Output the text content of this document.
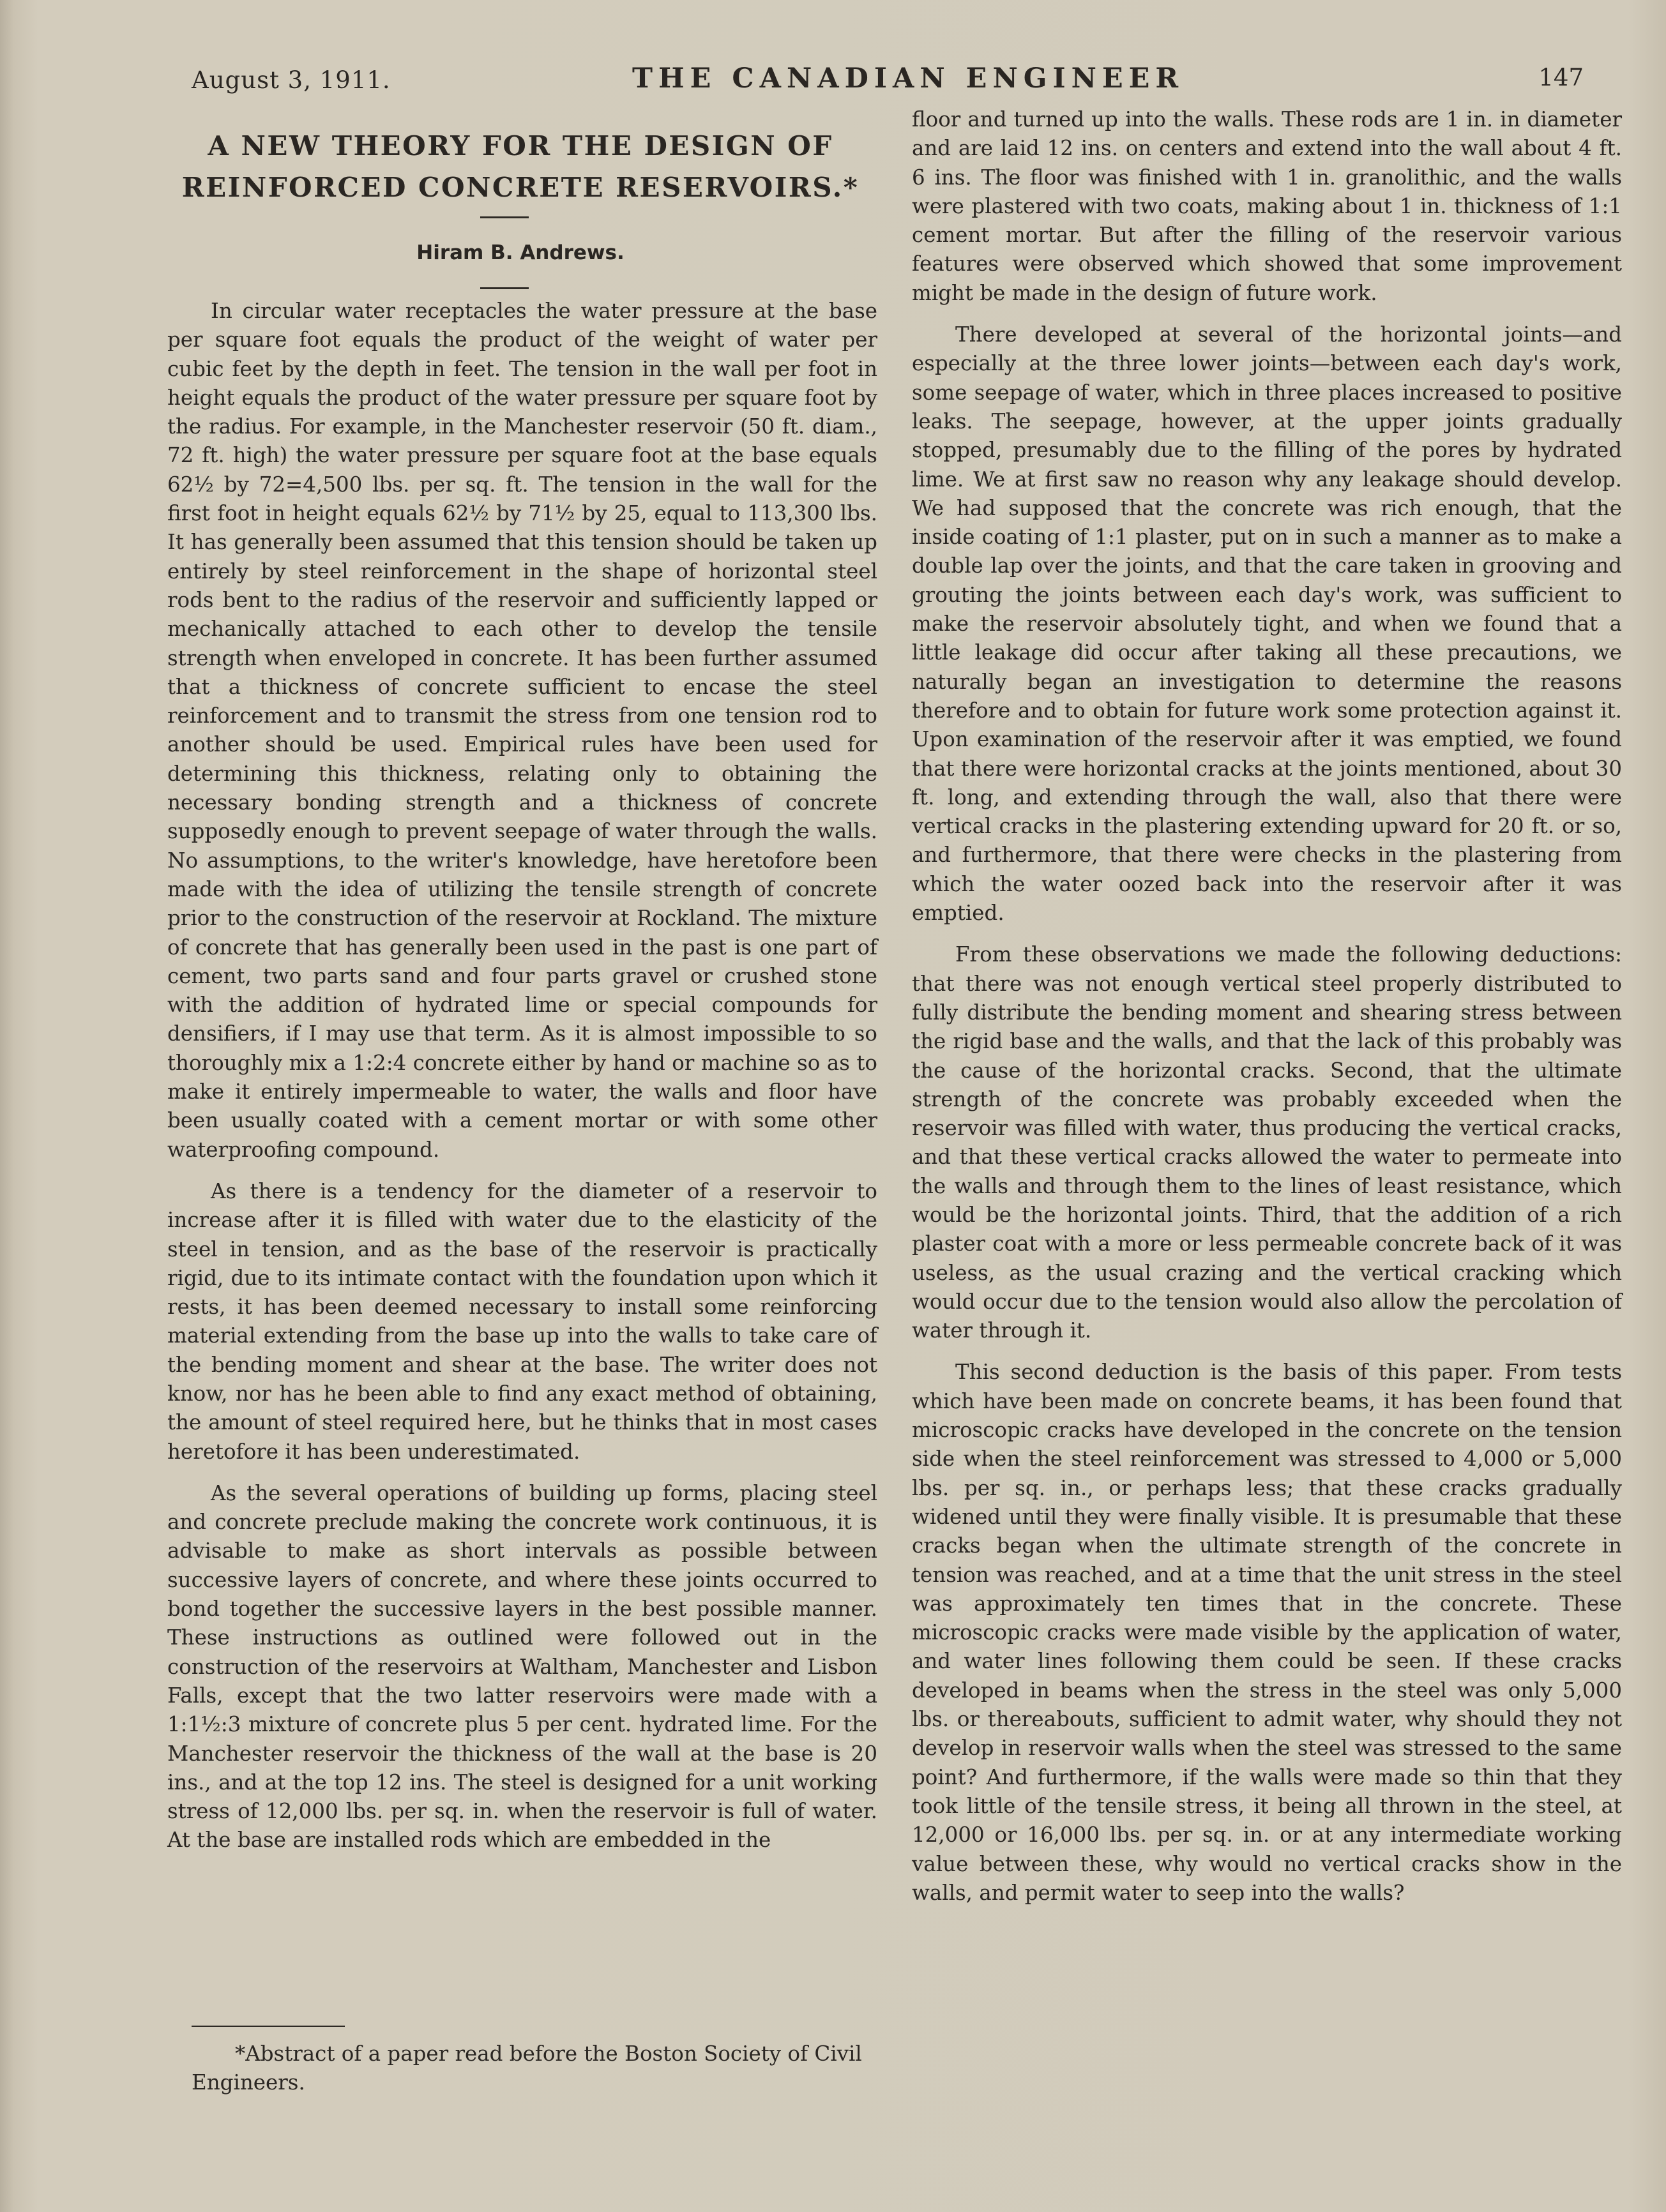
August 3, 1911.	THE CANADIAN ENGINEER	147
A NEW THEORY FOR THE DESIGN OF REINFORCED CONCRETE RESERVOIRS.*
Hiram B. Andrews.

In circular water receptacles the water pressure at the base per square foot equals the product of the weight of water per cubic feet by the depth in feet. The tension in the wall per foot in height equals the product of the water pressure per square foot by the radius. For example, in the Manchester reservoir (50 ft. diam., 72 ft. high) the water pressure per square foot at the base equals 62½ by 72=4,500 lbs. per sq. ft. The tension in the wall for the first foot in height equals 62½ by 71½ by 25, equal to 113,300 lbs. It has generally been assumed that this tension should be taken up entirely by steel reinforcement in the shape of horizontal steel rods bent to the radius of the reservoir and sufficiently lapped or mechanically attached to each other to develop the tensile strength when enveloped in concrete. It has been further assumed that a thickness of concrete sufficient to encase the steel reinforcement and to transmit the stress from one tension rod to another should be used. Empirical rules have been used for determining this thickness, relating only to obtaining the necessary bonding strength and a thickness of concrete supposedly enough to prevent seepage of water through the walls. No assumptions, to the writer's knowledge, have heretofore been made with the idea of utilizing the tensile strength of concrete prior to the construction of the reservoir at Rockland. The mixture of concrete that has generally been used in the past is one part of cement, two parts sand and four parts gravel or crushed stone with the addition of hydrated lime or special compounds for densifiers, if I may use that term. As it is almost impossible to so thoroughly mix a 1:2:4 concrete either by hand or machine so as to make it entirely impermeable to water, the walls and floor have been usually coated with a cement mortar or with some other waterproofing compound.

As there is a tendency for the diameter of a reservoir to increase after it is filled with water due to the elasticity of the steel in tension, and as the base of the reservoir is practically rigid, due to its intimate contact with the foundation upon which it rests, it has been deemed necessary to install some reinforcing material extending from the base up into the walls to take care of the bending moment and shear at the base. The writer does not know, nor has he been able to find any exact method of obtaining, the amount of steel required here, but he thinks that in most cases heretofore it has been underestimated.

As the several operations of building up forms, placing steel and concrete preclude making the concrete work continuous, it is advisable to make as short intervals as possible between successive layers of concrete, and where these joints occurred to bond together the successive layers in the best possible manner. These instructions as outlined were followed out in the construction of the reservoirs at Waltham, Manchester and Lisbon Falls, except that the two latter reservoirs were made with a 1:1½:3 mixture of concrete plus 5 per cent. hydrated lime. For the Manchester reservoir the thickness of the wall at the base is 20 ins., and at the top 12 ins. The steel is designed for a unit working stress of 12,000 lbs. per sq. in. when the reservoir is full of water. At the base are installed rods which are embedded in the

*Abstract of a paper read before the Boston Society of Civil Engineers.

floor and turned up into the walls. These rods are 1 in. in diameter and are laid 12 ins. on centers and extend into the wall about 4 ft. 6 ins. The floor was finished with 1 in. granolithic, and the walls were plastered with two coats, making about 1 in. thickness of 1:1 cement mortar. But after the filling of the reservoir various features were observed which showed that some improvement might be made in the design of future work.

There developed at several of the horizontal joints—and especially at the three lower joints—between each day's work, some seepage of water, which in three places increased to positive leaks. The seepage, however, at the upper joints gradually stopped, presumably due to the filling of the pores by hydrated lime. We at first saw no reason why any leakage should develop. We had supposed that the concrete was rich enough, that the inside coating of 1:1 plaster, put on in such a manner as to make a double lap over the joints, and that the care taken in grooving and grouting the joints between each day's work, was sufficient to make the reservoir absolutely tight, and when we found that a little leakage did occur after taking all these precautions, we naturally began an investigation to determine the reasons therefore and to obtain for future work some protection against it. Upon examination of the reservoir after it was emptied, we found that there were horizontal cracks at the joints mentioned, about 30 ft. long, and extending through the wall, also that there were vertical cracks in the plastering extending upward for 20 ft. or so, and furthermore, that there were checks in the plastering from which the water oozed back into the reservoir after it was emptied.

From these observations we made the following deductions: that there was not enough vertical steel properly distributed to fully distribute the bending moment and shearing stress between the rigid base and the walls, and that the lack of this probably was the cause of the horizontal cracks. Second, that the ultimate strength of the concrete was probably exceeded when the reservoir was filled with water, thus producing the vertical cracks, and that these vertical cracks allowed the water to permeate into the walls and through them to the lines of least resistance, which would be the horizontal joints. Third, that the addition of a rich plaster coat with a more or less permeable concrete back of it was useless, as the usual crazing and the vertical cracking which would occur due to the tension would also allow the percolation of water through it.

This second deduction is the basis of this paper. From tests which have been made on concrete beams, it has been found that microscopic cracks have developed in the concrete on the tension side when the steel reinforcement was stressed to 4,000 or 5,000 lbs. per sq. in., or perhaps less; that these cracks gradually widened until they were finally visible. It is presumable that these cracks began when the ultimate strength of the concrete in tension was reached, and at a time that the unit stress in the steel was approximately ten times that in the concrete. These microscopic cracks were made visible by the application of water, and water lines following them could be seen. If these cracks developed in beams when the stress in the steel was only 5,000 lbs. or thereabouts, sufficient to admit water, why should they not develop in reservoir walls when the steel was stressed to the same point? And furthermore, if the walls were made so thin that they took little of the tensile stress, it being all thrown in the steel, at 12,000 or 16,000 lbs. per sq. in. or at any intermediate working value between these, why would no vertical cracks show in the walls, and permit water to seep into the walls?
